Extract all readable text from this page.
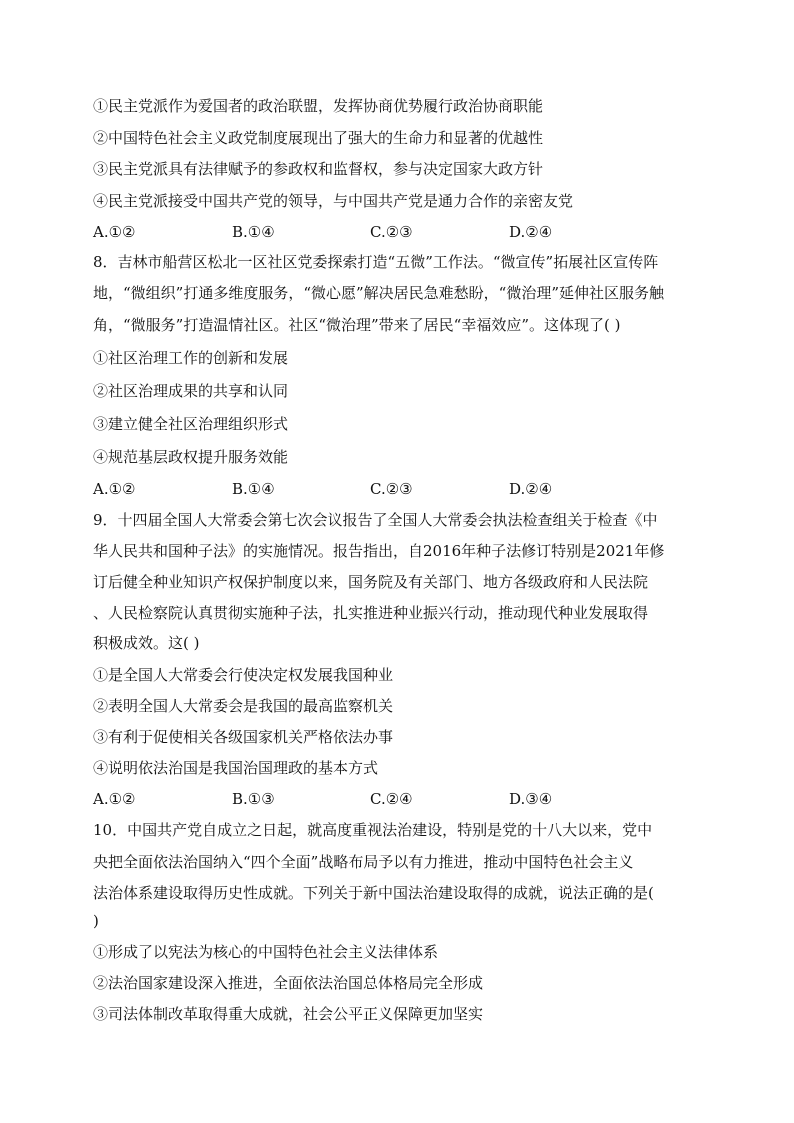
①民主党派作为爱国者的政治联盟，发挥协商优势履行政治协商职能
②中国特色社会主义政党制度展现出了强大的生命力和显著的优越性
③民主党派具有法律赋予的参政权和监督权，参与决定国家大政方针
④民主党派接受中国共产党的领导，与中国共产党是通力合作的亲密友党
A.①②	B.①④	C.②③	D.②④
8．吉林市船营区松北一区社区党委探索打造“五微”工作法。“微宣传”拓展社区宣传阵
地，“微组织”打通多维度服务，“微心愿”解决居民急难愁盼，“微治理”延伸社区服务触
角，“微服务”打造温情社区。社区“微治理”带来了居民“幸福效应”。这体现了( )
①社区治理工作的创新和发展
②社区治理成果的共享和认同
③建立健全社区治理组织形式
④规范基层政权提升服务效能
A.①②	B.①④	C.②③	D.②④
9．十四届全国人大常委会第七次会议报告了全国人大常委会执法检查组关于检查《中
华人民共和国种子法》的实施情况。报告指出，自2016年种子法修订特别是2021年修
订后健全种业知识产权保护制度以来，国务院及有关部门、地方各级政府和人民法院
、人民检察院认真贯彻实施种子法，扎实推进种业振兴行动，推动现代种业发展取得
积极成效。这( )
①是全国人大常委会行使决定权发展我国种业
②表明全国人大常委会是我国的最高监察机关
③有利于促使相关各级国家机关严格依法办事
④说明依法治国是我国治国理政的基本方式
A.①②	B.①③	C.②④	D.③④
10．中国共产党自成立之日起，就高度重视法治建设，特别是党的十八大以来，党中
央把全面依法治国纳入“四个全面”战略布局予以有力推进，推动中国特色社会主义
法治体系建设取得历史性成就。下列关于新中国法治建设取得的成就，说法正确的是(
)
①形成了以宪法为核心的中国特色社会主义法律体系
②法治国家建设深入推进，全面依法治国总体格局完全形成
③司法体制改革取得重大成就，社会公平正义保障更加坚实
